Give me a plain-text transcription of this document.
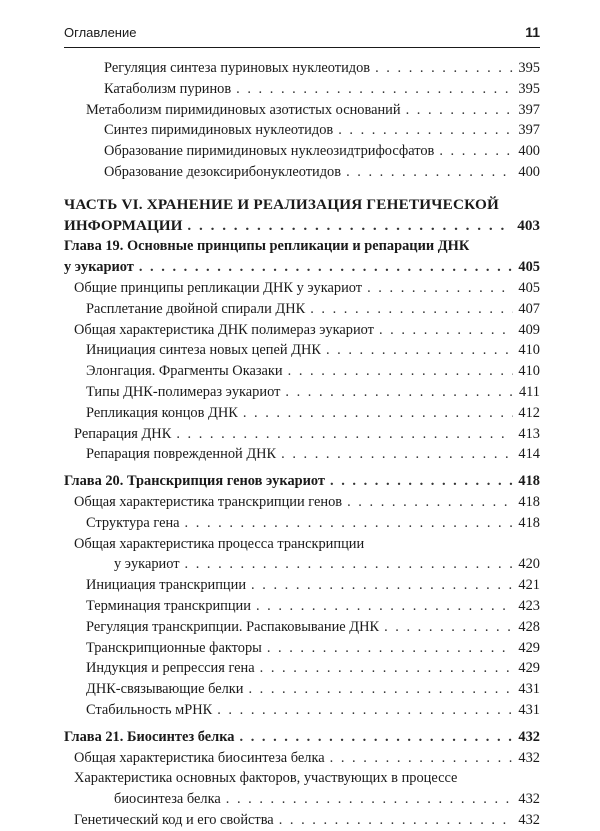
Оглавление	11
Регуляция синтеза пуриновых нуклеотидов . . .	395
Катаболизм пуринов . . .	395
Метаболизм пиримидиновых азотистых оснований . . .	397
Синтез пиримидиновых нуклеотидов . . .	397
Образование пиримидиновых нуклеозидтрифосфатов . . .	400
Образование дезоксирибонуклеотидов . . .	400
ЧАСТЬ VI. ХРАНЕНИЕ И РЕАЛИЗАЦИЯ ГЕНЕТИЧЕСКОЙ
ИНФОРМАЦИИ . . .	403
Глава 19. Основные принципы репликации и репарации ДНК
у эукариот . . .	405
Общие принципы репликации ДНК у эукариот . . .	405
Расплетание двойной спирали ДНК . . .	407
Общая характеристика ДНК полимераз эукариот . . .	409
Инициация синтеза новых цепей ДНК . . .	410
Элонгация. Фрагменты Оказаки . . .	410
Типы ДНК-полимераз эукариот . . .	411
Репликация концов ДНК . . .	412
Репарация ДНК . . .	413
Репарация поврежденной ДНК . . .	414
Глава 20. Транскрипция генов эукариот . . .	418
Общая характеристика транскрипции генов . . .	418
Структура гена . . .	418
Общая характеристика процесса транскрипции
у эукариот . . .	420
Инициация транскрипции . . .	421
Терминация транскрипции . . .	423
Регуляция транскрипции. Распаковывание ДНК . . .	428
Транскрипционные факторы . . .	429
Индукция и репрессия гена . . .	429
ДНК-связывающие белки . . .	431
Стабильность мРНК . . .	431
Глава 21. Биосинтез белка . . .	432
Общая характеристика биосинтеза белка . . .	432
Характеристика основных факторов, участвующих в процессе
биосинтеза белка . . .	432
Генетический код и его свойства . . .	432
